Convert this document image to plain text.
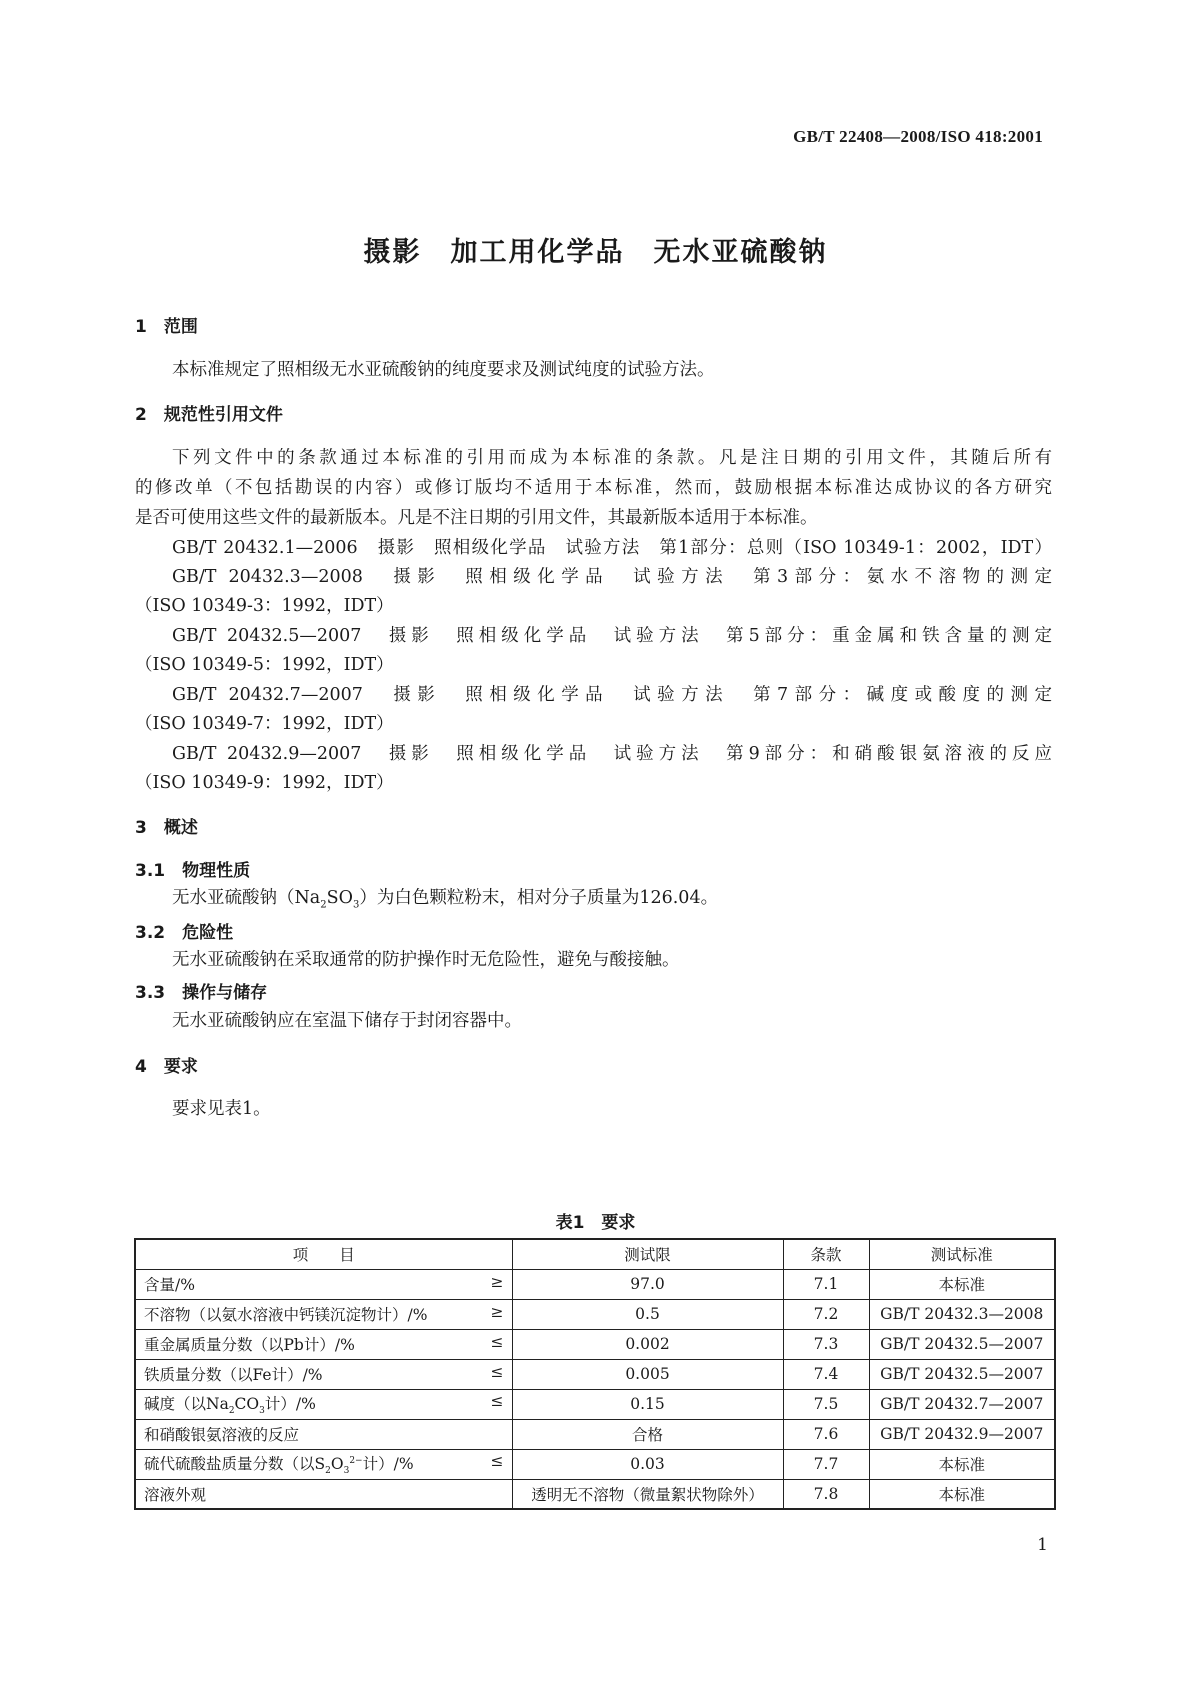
GB/T 22408—2008/ISO 418:2001
摄影　加工用化学品　无水亚硫酸钠
1　范围
本标准规定了照相级无水亚硫酸钠的纯度要求及测试纯度的试验方法。
2　规范性引用文件
下列文件中的条款通过本标准的引用而成为本标准的条款。凡是注日期的引用文件，其随后所有
的修改单（不包括勘误的内容）或修订版均不适用于本标准，然而，鼓励根据本标准达成协议的各方研究
是否可使用这些文件的最新版本。凡是不注日期的引用文件，其最新版本适用于本标准。
GB/T 20432.1—2006　摄影　照相级化学品　试验方法　第1部分：总则（ISO 10349-1：2002，IDT）
GB/T 20432.3—2008　摄影　照相级化学品　试验方法　第3部分：氨水不溶物的测定
（ISO 10349-3：1992，IDT）
GB/T 20432.5—2007　摄影　照相级化学品　试验方法　第5部分：重金属和铁含量的测定
（ISO 10349-5：1992，IDT）
GB/T 20432.7—2007　摄影　照相级化学品　试验方法　第7部分：碱度或酸度的测定
（ISO 10349-7：1992，IDT）
GB/T 20432.9—2007　摄影　照相级化学品　试验方法　第9部分：和硝酸银氨溶液的反应
（ISO 10349-9：1992，IDT）
3　概述
3.1　物理性质
无水亚硫酸钠$(Na_2SO_3)$为白色颗粒粉末，相对分子质量为126.04。
3.2　危险性
无水亚硫酸钠在采取通常的防护操作时无危险性，避免与酸接触。
3.3　操作与储存
无水亚硫酸钠应在室温下储存于封闭容器中。
4　要求
要求见表1。
表1　要求
项　　目	测试限	条款	测试标准

含量/% ≥	97.0	7.1	本标准

不溶物（以氨水溶液中钙镁沉淀物计）/% ≥	0.5	7.2	GB/T 20432.3—2008

重金属质量分数（以Pb计）/% ≤	0.002	7.3	GB/T 20432.5—2007

铁质量分数（以Fe计）/% ≤	0.005	7.4	GB/T 20432.5—2007

碱度（以$Na_2CO_3$计）/% ≤	0.15	7.5	GB/T 20432.7—2007

和硝酸银氨溶液的反应	合格	7.6	GB/T 20432.9—2007

硫代硫酸盐质量分数（以$S_2O_3^{2-}$计）/% ≤	0.03	7.7	本标准

溶液外观	透明无不溶物（微量絮状物除外）	7.8	本标准
1
